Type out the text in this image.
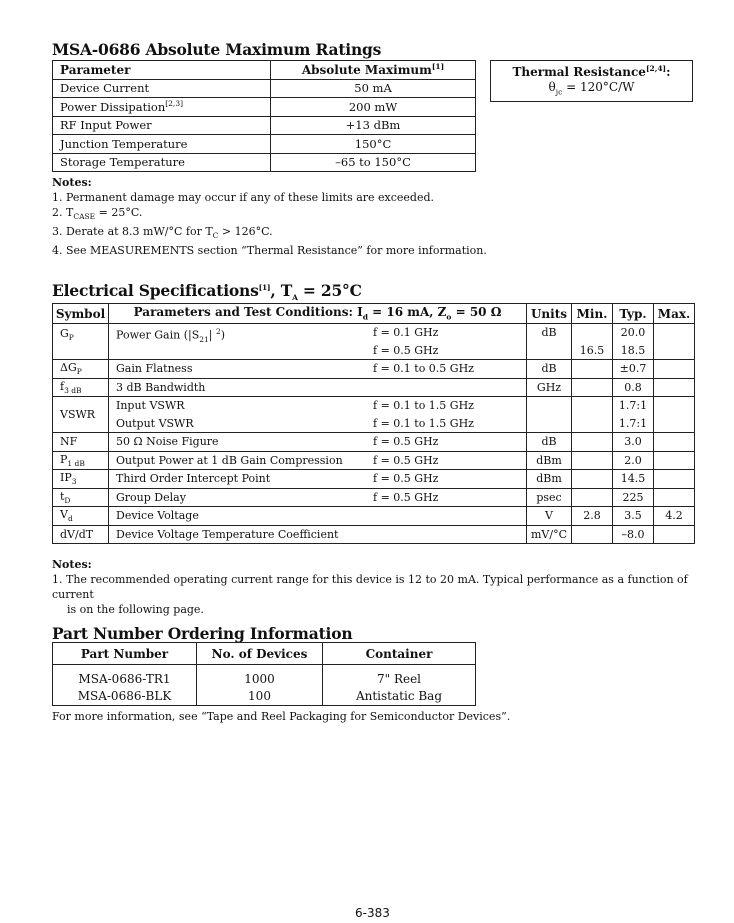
MSA-0686 Absolute Maximum Ratings
Parameter	Absolute Maximum[1]
Device Current	50 mA
Power Dissipation[2,3]	200 mW
RF Input Power	+13 dBm
Junction Temperature	150°C
Storage Temperature	–65 to 150°C
Thermal Resistance[2,4]:
$\theta_{jc} = 120^\circ C/W$
Notes:
1. Permanent damage may occur if any of these limits are exceeded.
2. $T_{CASE} = 25^\circ C$.
3. Derate at 8.3 mW/°C for $T_C > 126^\circ C$.
4. See MEASUREMENTS section “Thermal Resistance” for more information.
Electrical Specifications[1], $T_A = 25^\circ C$
Symbol	Parameters and Test Conditions: $I_d = 16$ mA, $Z_o = 50$ Ω		Units	Min.	Typ.	Max.
$G_P$	Power Gain ($|S_{21}|$ $^2$)	f = 0.1 GHz	dB		20.0	
		f = 0.5 GHz		16.5	18.5	
$\Delta G_P$	Gain Flatness	f = 0.1 to 0.5 GHz	dB		±0.7	
$f_{3 dB}$	3 dB Bandwidth		GHz		0.8	
VSWR	Input VSWR	f = 0.1 to 1.5 GHz			1.7:1	
	Output VSWR	f = 0.1 to 1.5 GHz			1.7:1	
NF	50 Ω Noise Figure	f = 0.5 GHz	dB		3.0	
$P_{1 dB}$	Output Power at 1 dB Gain Compression	f = 0.5 GHz	dBm		2.0	
$IP_3$	Third Order Intercept Point	f = 0.5 GHz	dBm		14.5	
$t_D$	Group Delay	f = 0.5 GHz	psec		225	
$V_d$	Device Voltage		V	2.8	3.5	4.2
dV/dT	Device Voltage Temperature Coefficient		mV/°C		–8.0	
Notes:
1. The recommended operating current range for this device is 12 to 20 mA. Typical performance as a function of current
is on the following page.
Part Number Ordering Information
Part Number	No. of Devices	Container
MSA-0686-TR1	1000	7" Reel
MSA-0686-BLK	100	Antistatic Bag
For more information, see “Tape and Reel Packaging for Semiconductor Devices”.
6-383
